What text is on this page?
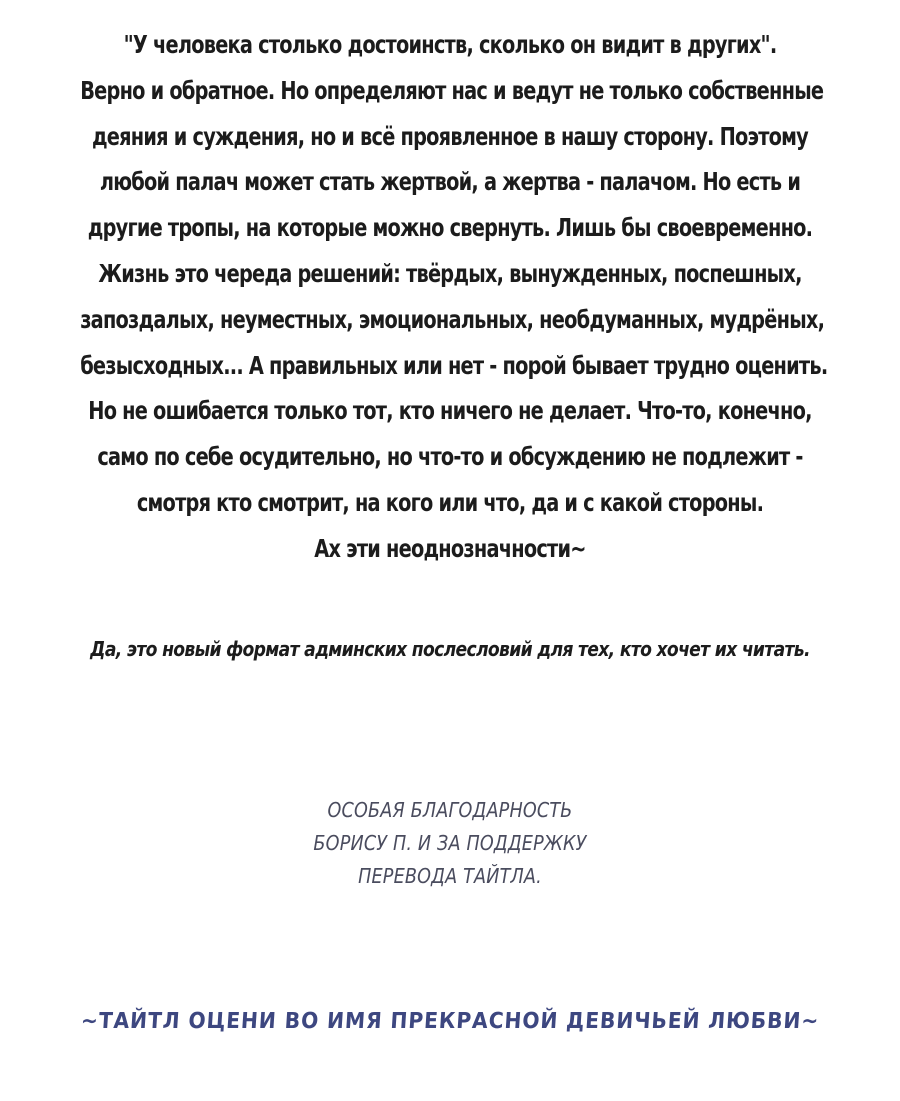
"У человека столько достоинств, сколько он видит в других".
Верно и обратное. Но определяют нас и ведут не только собственные
деяния и суждения, но и всё проявленное в нашу сторону. Поэтому
любой палач может стать жертвой, а жертва - палачом. Но есть и
другие тропы, на которые можно свернуть. Лишь бы своевременно.
Жизнь это череда решений: твёрдых, вынужденных, поспешных,
запоздалых, неуместных, эмоциональных, необдуманных, мудрёных,
безысходных... А правильных или нет - порой бывает трудно оценить.
Но не ошибается только тот, кто ничего не делает. Что-то, конечно,
само по себе осудительно, но что-то и обсуждению не подлежит -
смотря кто смотрит, на кого или что, да и с какой стороны.
Ах эти неоднозначности~
Да, это новый формат админских послесловий для тех, кто хочет их читать.
ОСОБАЯ БЛАГОДАРНОСТЬ
БОРИСУ П. И ЗА ПОДДЕРЖКУ
ПЕРЕВОДА ТАЙТЛА.
~ТАЙТЛ ОЦЕНИ ВО ИМЯ ПРЕКРАСНОЙ ДЕВИЧЬЕЙ ЛЮБВИ~
